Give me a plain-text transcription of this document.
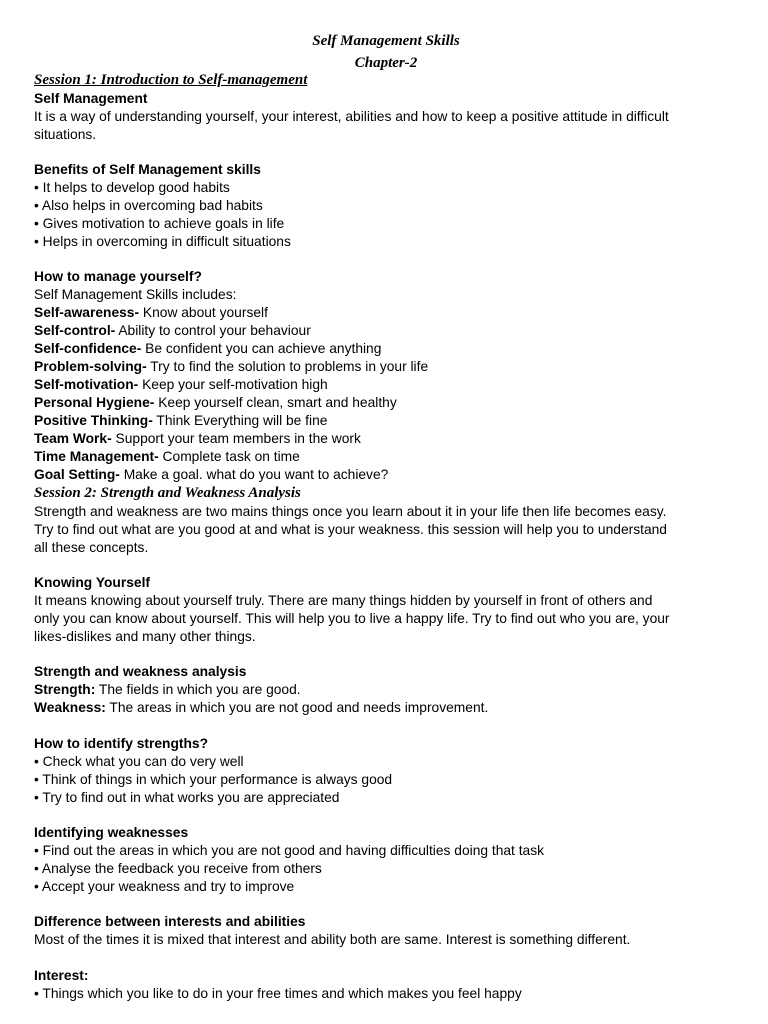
Self Management Skills
Chapter-2
Session 1: Introduction to Self-management
Self Management
It is a way of understanding yourself, your interest, abilities and how to keep a positive attitude in difficult
situations.
Benefits of Self Management skills
• It helps to develop good habits
• Also helps in overcoming bad habits
• Gives motivation to achieve goals in life
• Helps in overcoming in difficult situations
How to manage yourself?
Self Management Skills includes:
Self-awareness- Know about yourself
Self-control- Ability to control your behaviour
Self-confidence- Be confident you can achieve anything
Problem-solving- Try to find the solution to problems in your life
Self-motivation- Keep your self-motivation high
Personal Hygiene- Keep yourself clean, smart and healthy
Positive Thinking- Think Everything will be fine
Team Work- Support your team members in the work
Time Management- Complete task on time
Goal Setting- Make a goal. what do you want to achieve?
Session 2: Strength and Weakness Analysis
Strength and weakness are two mains things once you learn about it in your life then life becomes easy.
Try to find out what are you good at and what is your weakness. this session will help you to understand
all these concepts.
Knowing Yourself
It means knowing about yourself truly. There are many things hidden by yourself in front of others and
only you can know about yourself. This will help you to live a happy life. Try to find out who you are, your
likes-dislikes and many other things.
Strength and weakness analysis
Strength: The fields in which you are good.
Weakness: The areas in which you are not good and needs improvement.
How to identify strengths?
• Check what you can do very well
• Think of things in which your performance is always good
• Try to find out in what works you are appreciated
Identifying weaknesses
• Find out the areas in which you are not good and having difficulties doing that task
• Analyse the feedback you receive from others
• Accept your weakness and try to improve
Difference between interests and abilities
Most of the times it is mixed that interest and ability both are same. Interest is something different.
Interest:
• Things which you like to do in your free times and which makes you feel happy
